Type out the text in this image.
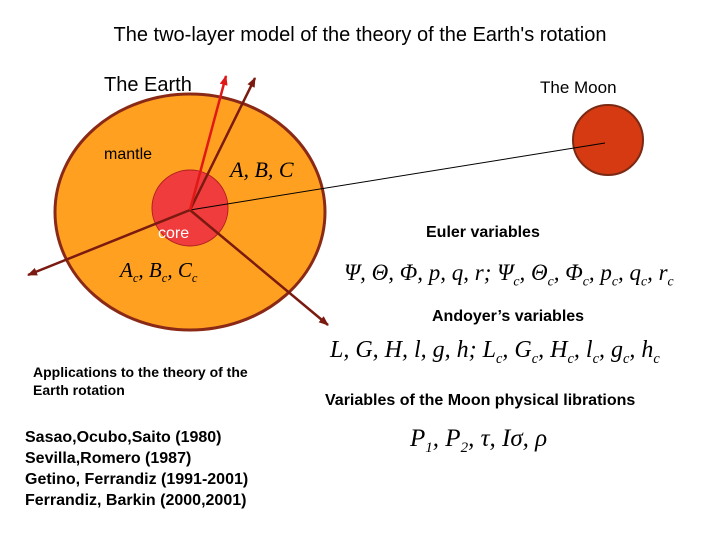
The two-layer model of the theory of the Earth's rotation
The Earth	The Moon
mantle
core
A, B, C
$A_c$, $B_c$, $C_c$
Euler variables
Ψ, Θ, Φ, p, q, r; $\Psi_c$, $\Theta_c$, $\Phi_c$, $p_c$, $q_c$, $r_c$
Andoyer’s variables
L, G, H, l, g, h; $L_c$, $G_c$, $H_c$, $l_c$, $g_c$, $h_c$
Variables of the Moon physical librations
$P_1$, $P_2$, τ, Iσ, ρ
Applications to the theory of the Earth rotation
Sasao,Ocubo,Saito (1980)
Sevilla,Romero (1987)
Getino, Ferrandiz (1991-2001)
Ferrandiz, Barkin (2000,2001)
